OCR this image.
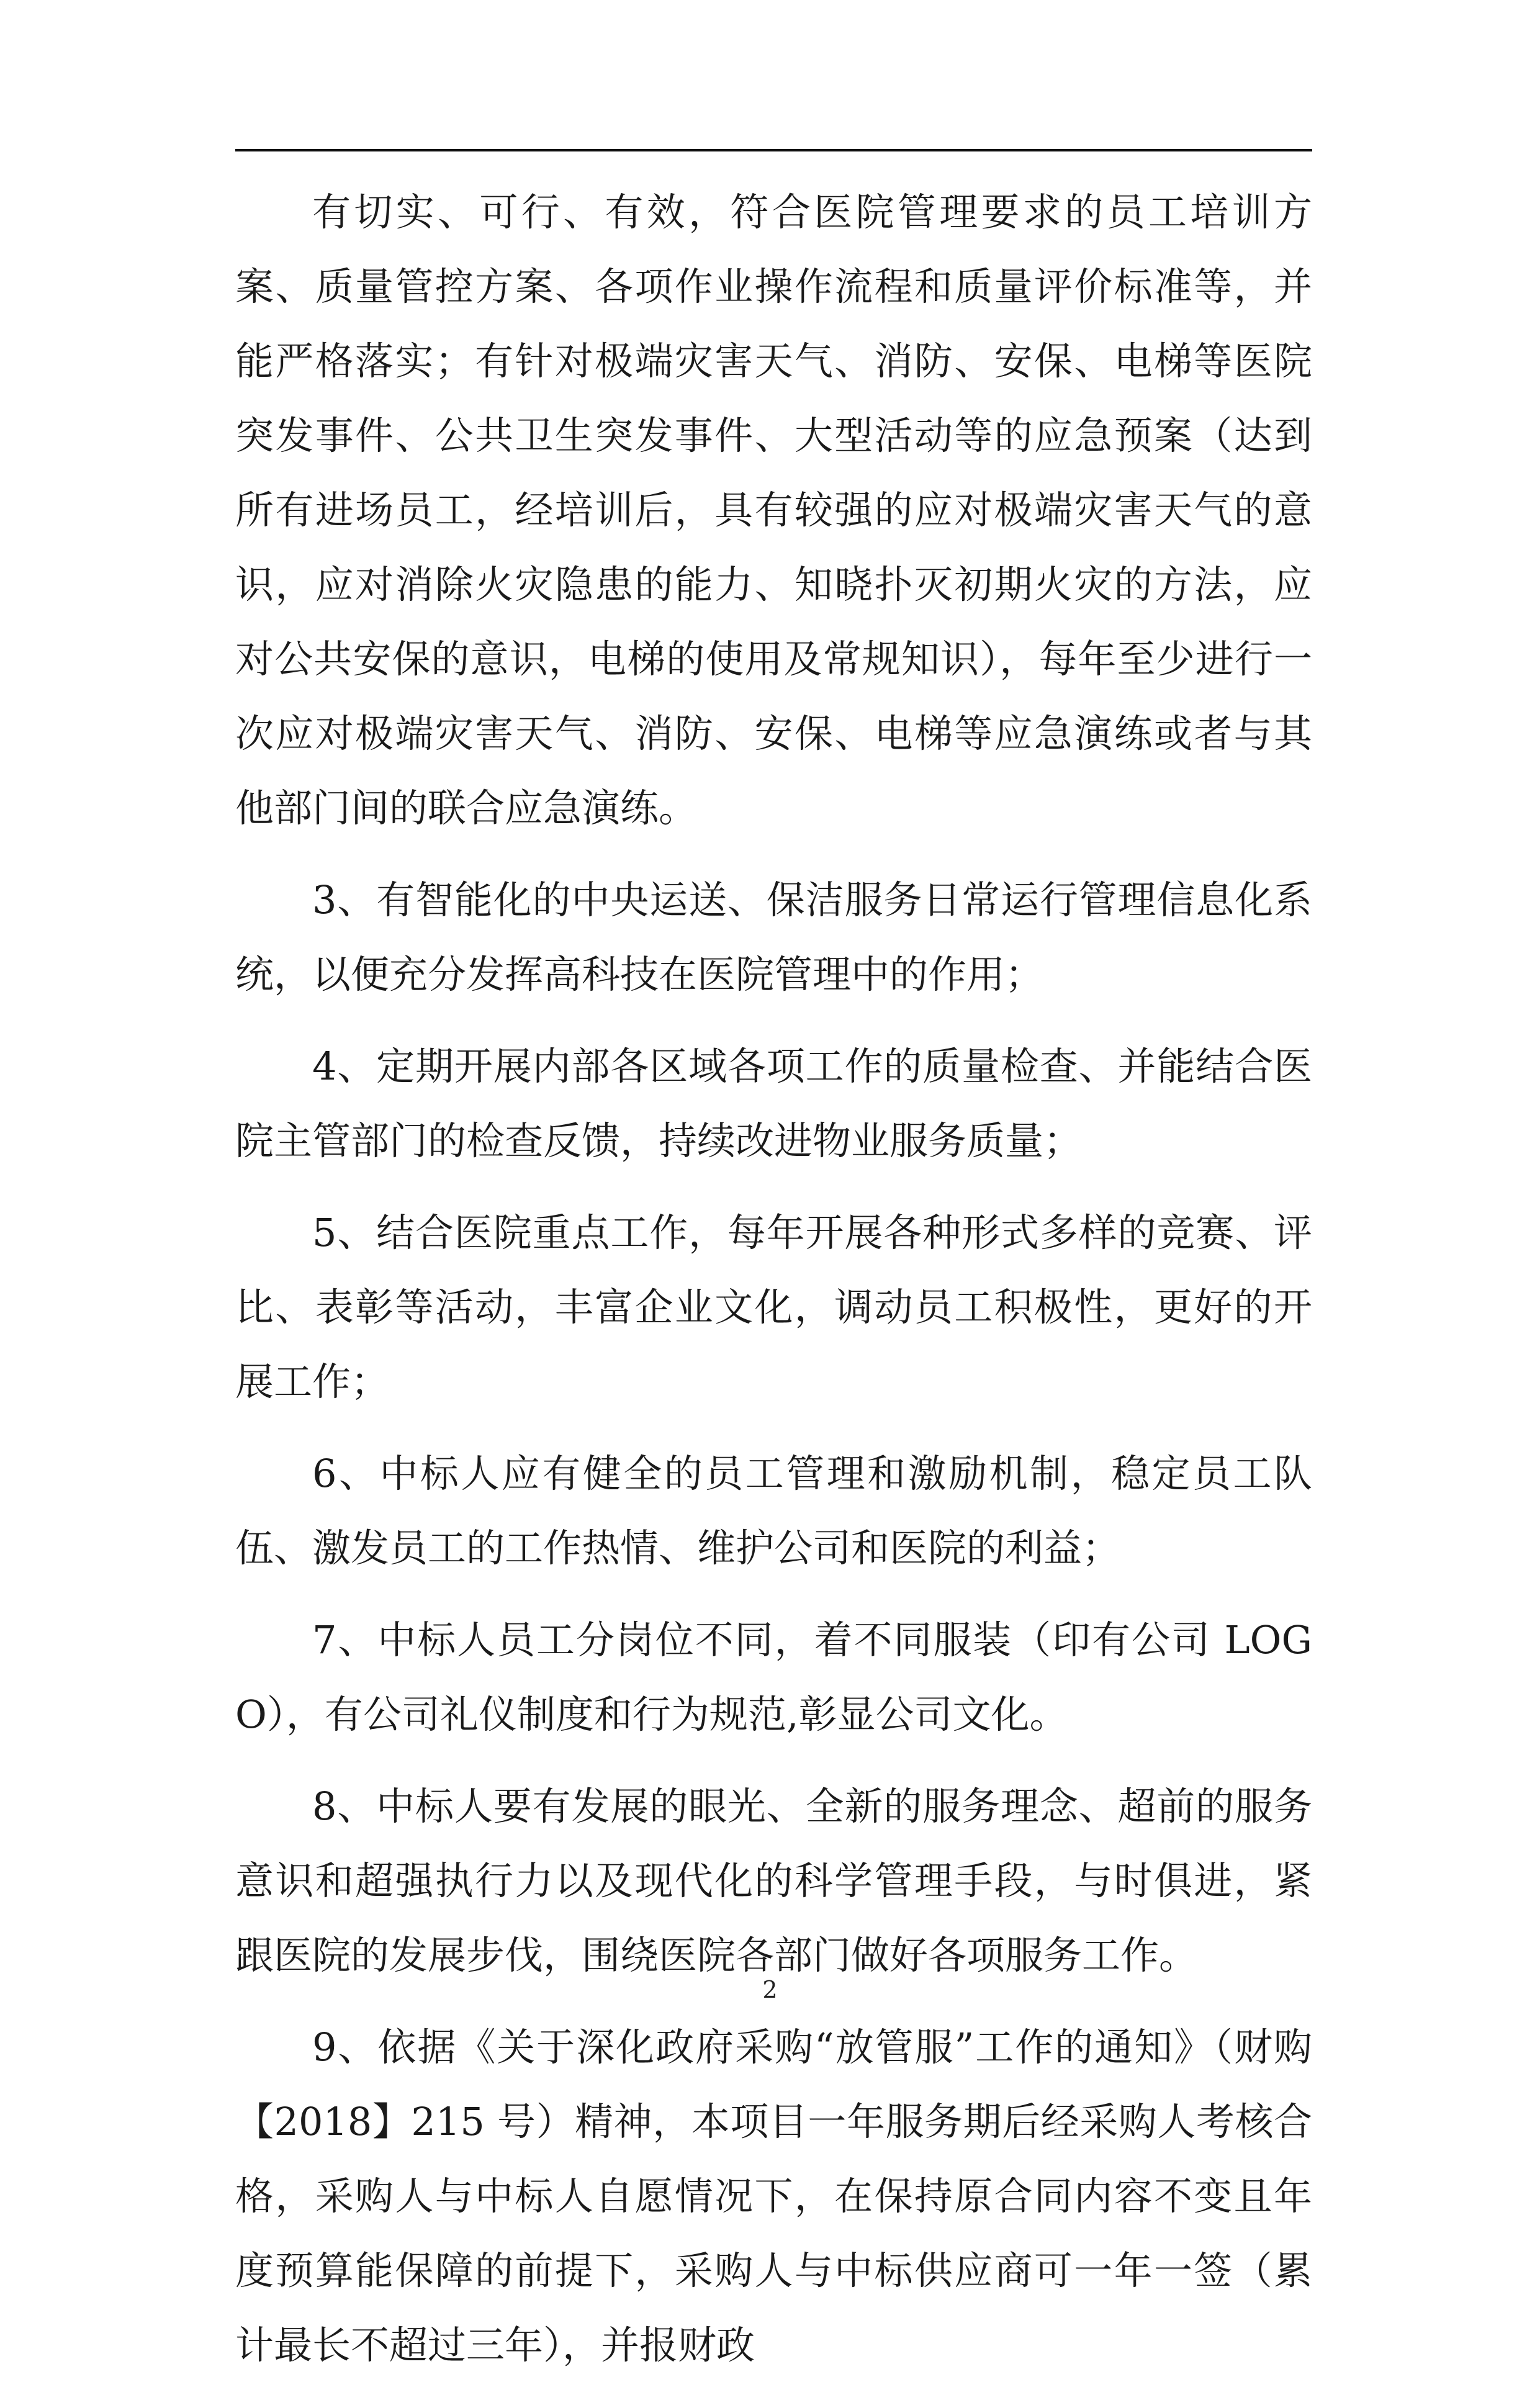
有切实、可行、有效，符合医院管理要求的员工培训方案、质量管控方案、各项作业操作流程和质量评价标准等，并能严格落实；有针对极端灾害天气、消防、安保、电梯等医院突发事件、公共卫生突发事件、大型活动等的应急预案（达到所有进场员工，经培训后，具有较强的应对极端灾害天气的意识，应对消除火灾隐患的能力、知晓扑灭初期火灾的方法，应对公共安保的意识，电梯的使用及常规知识），每年至少进行一次应对极端灾害天气、消防、安保、电梯等应急演练或者与其他部门间的联合应急演练。

3、有智能化的中央运送、保洁服务日常运行管理信息化系统，以便充分发挥高科技在医院管理中的作用；

4、定期开展内部各区域各项工作的质量检查、并能结合医院主管部门的检查反馈，持续改进物业服务质量；

5、结合医院重点工作，每年开展各种形式多样的竞赛、评比、表彰等活动，丰富企业文化，调动员工积极性，更好的开展工作；

6、中标人应有健全的员工管理和激励机制，稳定员工队伍、激发员工的工作热情、维护公司和医院的利益；

7、中标人员工分岗位不同，着不同服装（印有公司 LOGO），有公司礼仪制度和行为规范,彰显公司文化。

8、中标人要有发展的眼光、全新的服务理念、超前的服务意识和超强执行力以及现代化的科学管理手段，与时俱进，紧跟医院的发展步伐，围绕医院各部门做好各项服务工作。

9、依据《关于深化政府采购“放管服”工作的通知》（财购【2018】215 号）精神，本项目一年服务期后经采购人考核合格，采购人与中标人自愿情况下，在保持原合同内容不变且年度预算能保障的前提下，采购人与中标供应商可一年一签（累计最长不超过三年），并报财政

2
